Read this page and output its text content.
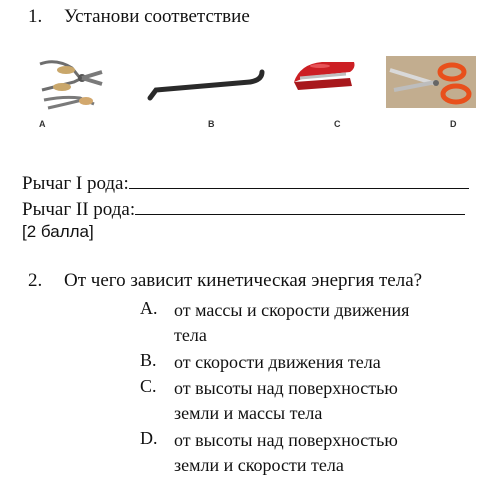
1. Установи соответствие
A	B	C	D
Рычаг I рода:
Рычаг II рода:
[2 балла]
2. От чего зависит кинетическая энергия тела?
A. от массы и скорости движения
тела
B. от скорости движения тела
C. от высоты над поверхностью
земли и массы тела
D. от высоты над поверхностью
земли и скорости тела
